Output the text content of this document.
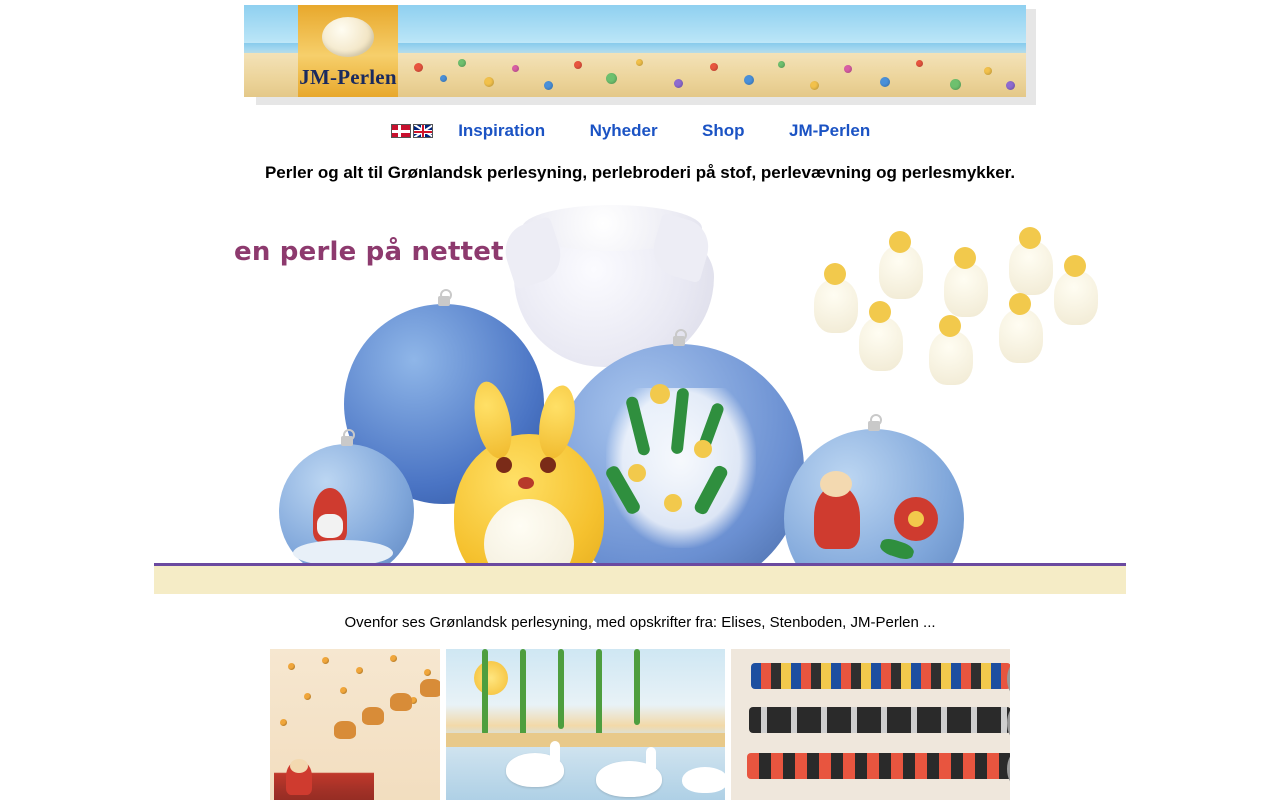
JM-Perlen
Inspiration	Nyheder	Shop	JM-Perlen
Perler og alt til Grønlandsk perlesyning, perlebroderi på stof, perlevævning og perlesmykker.
en perle på nettet
Ovenfor ses Grønlandsk perlesyning, med opskrifter fra: Elises, Stenboden, JM-Perlen ...
